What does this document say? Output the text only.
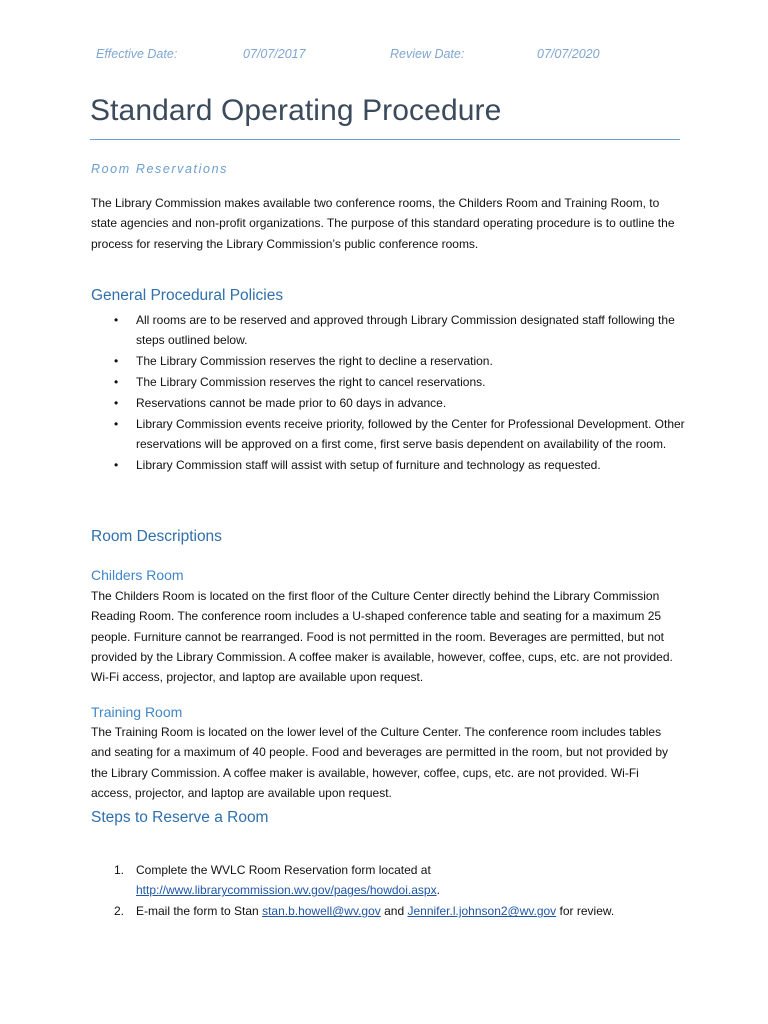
Effective Date:	07/07/2017	Review Date:	07/07/2020
Standard Operating Procedure
Room Reservations
The Library Commission makes available two conference rooms, the Childers Room and Training Room, to state agencies and non-profit organizations. The purpose of this standard operating procedure is to outline the process for reserving the Library Commission’s public conference rooms.
General Procedural Policies
• All rooms are to be reserved and approved through Library Commission designated staff following the steps outlined below.
• The Library Commission reserves the right to decline a reservation.
• The Library Commission reserves the right to cancel reservations.
• Reservations cannot be made prior to 60 days in advance.
• Library Commission events receive priority, followed by the Center for Professional Development. Other reservations will be approved on a first come, first serve basis dependent on availability of the room.
• Library Commission staff will assist with setup of furniture and technology as requested.
Room Descriptions
Childers Room
The Childers Room is located on the first floor of the Culture Center directly behind the Library Commission Reading Room. The conference room includes a U-shaped conference table and seating for a maximum 25 people. Furniture cannot be rearranged. Food is not permitted in the room. Beverages are permitted, but not provided by the Library Commission. A coffee maker is available, however, coffee, cups, etc. are not provided. Wi-Fi access, projector, and laptop are available upon request.
Training Room
The Training Room is located on the lower level of the Culture Center. The conference room includes tables and seating for a maximum of 40 people. Food and beverages are permitted in the room, but not provided by the Library Commission. A coffee maker is available, however, coffee, cups, etc. are not provided. Wi-Fi access, projector, and laptop are available upon request.
Steps to Reserve a Room
1. Complete the WVLC Room Reservation form located at
http://www.librarycommission.wv.gov/pages/howdoi.aspx.
2. E-mail the form to Stan stan.b.howell@wv.gov and Jennifer.l.johnson2@wv.gov for review.
